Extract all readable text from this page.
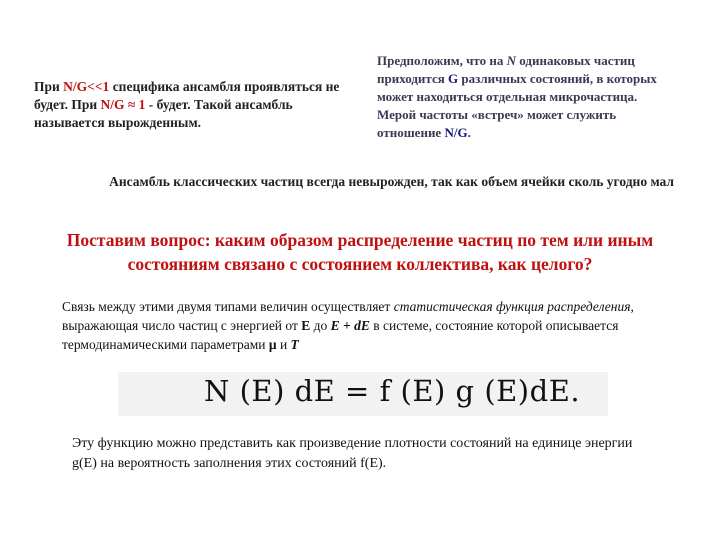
При N/G<<1 специфика ансамбля проявляться не будет. При N/G ≈ 1 - будет. Такой ансамбль называется вырожденным.
Предположим, что на N одинаковых частиц приходится G различных состояний, в которых может находиться отдельная микрочастица. Мерой частоты «встреч» может служить отношение N/G.
Ансамбль классических частиц всегда невырожден, так как объем ячейки сколь угодно мал
Поставим вопрос: каким образом распределение частиц по тем или иным состояниям связано с состоянием коллектива, как целого?
Связь между этими двумя типами величин осуществляет статистическая функция распределения, выражающая число частиц с энергией от E до E + dE в системе, состояние которой описывается термодинамическими параметрами μ и T
N (E) dE = f (E) g (E)dE.
Эту функцию можно представить как произведение плотности состояний на единице энергии g(E) на вероятность заполнения этих состояний f(E).
